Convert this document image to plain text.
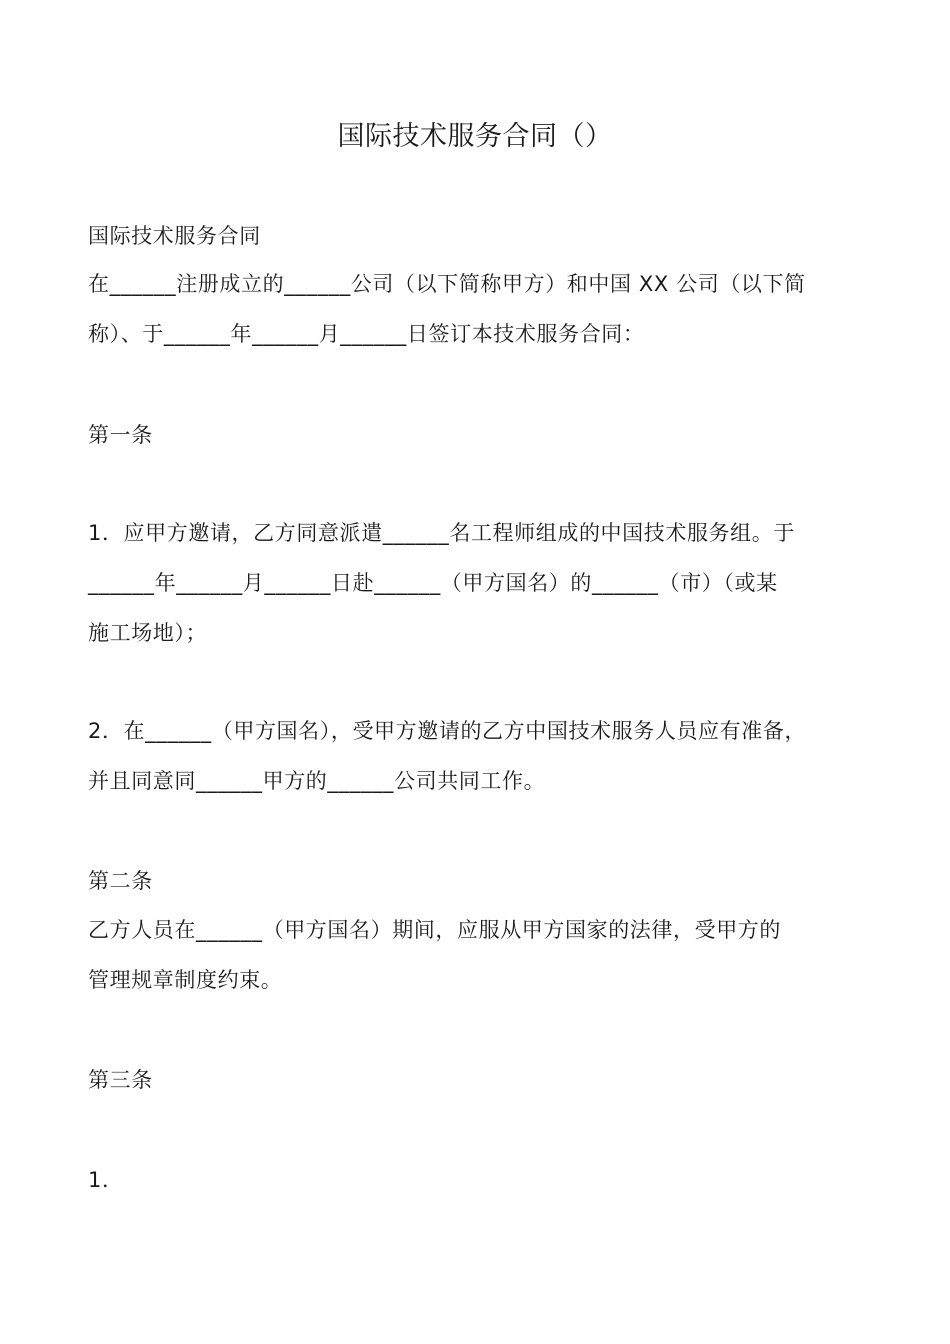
国际技术服务合同（）
国际技术服务合同
在______注册成立的______公司（以下简称甲方）和中国 XX 公司（以下简
称）、于______年______月______日签订本技术服务合同：
第一条
1．应甲方邀请，乙方同意派遣______名工程师组成的中国技术服务组。于
______年______月______日赴______（甲方国名）的______（市）（或某
施工场地）；
2．在______（甲方国名），受甲方邀请的乙方中国技术服务人员应有准备，
并且同意同______甲方的______公司共同工作。
第二条
乙方人员在______（甲方国名）期间，应服从甲方国家的法律，受甲方的
管理规章制度约束。
第三条
1．
